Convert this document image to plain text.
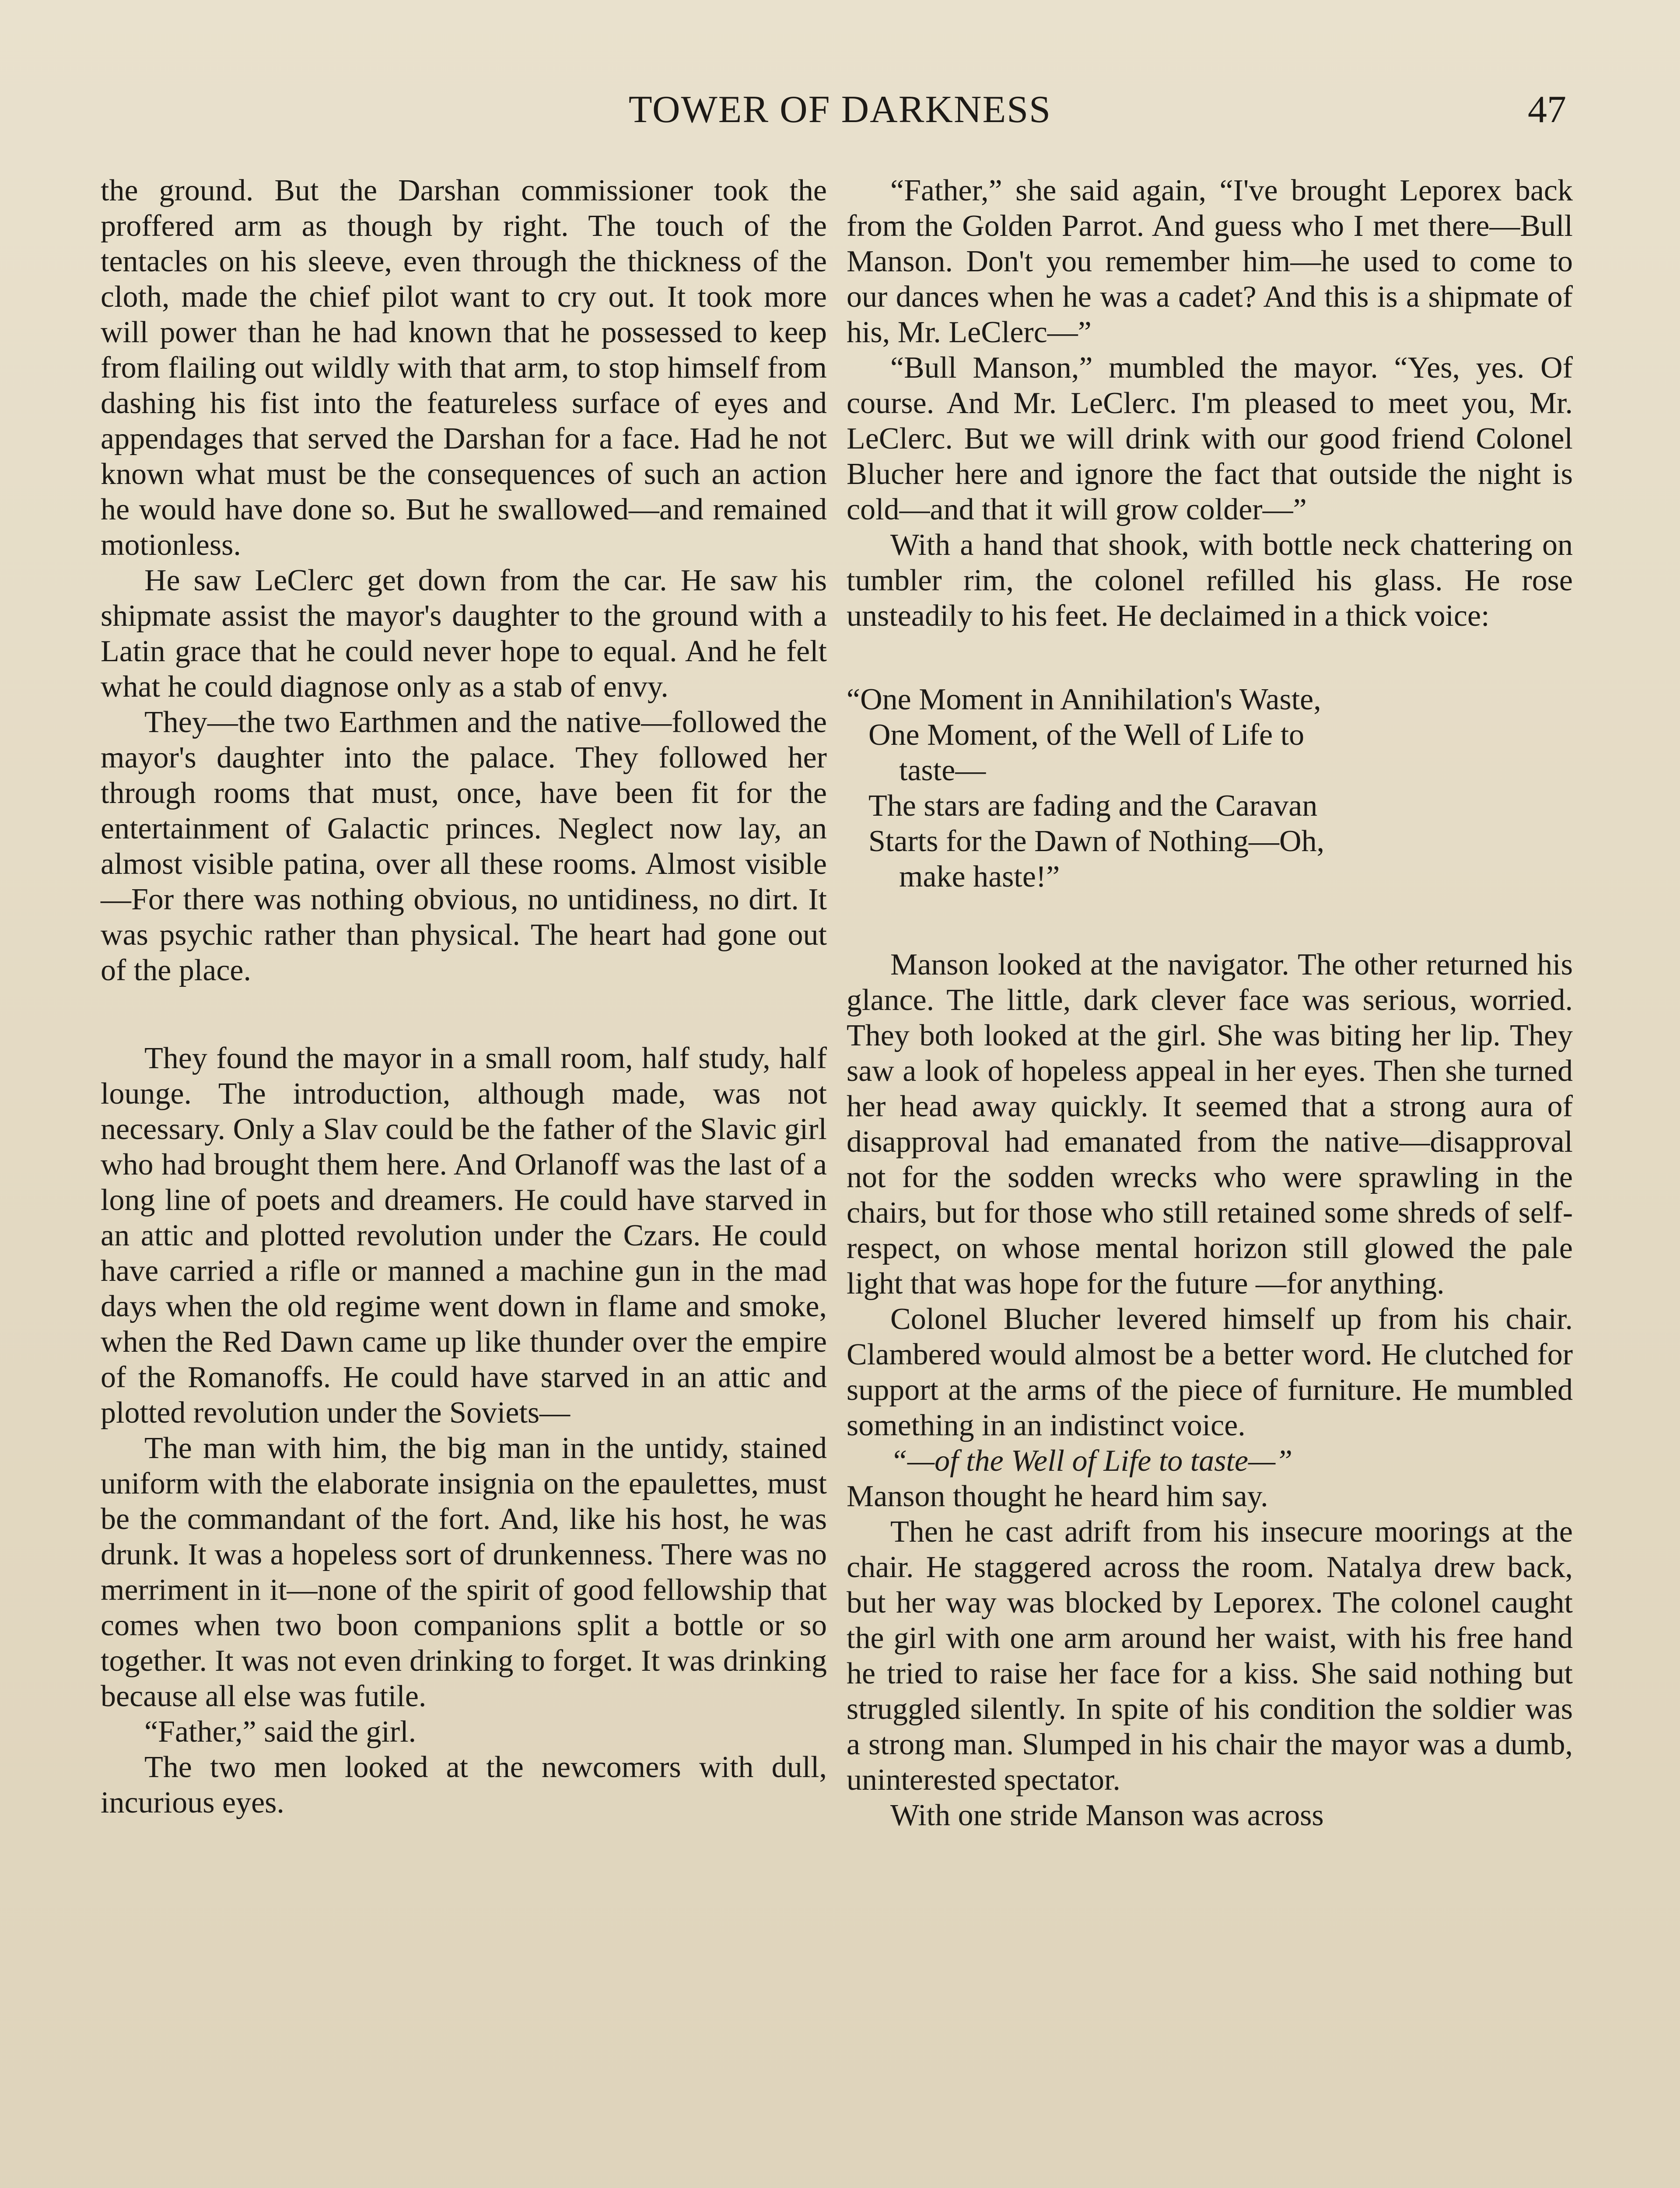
TOWER OF DARKNESS	47

the ground. But the Darshan commissioner took the proffered arm as though by right. The touch of the tentacles on his sleeve, even through the thickness of the cloth, made the chief pilot want to cry out. It took more will power than he had known that he possessed to keep from flailing out wildly with that arm, to stop himself from dashing his fist into the featureless surface of eyes and appendages that served the Darshan for a face. Had he not known what must be the consequences of such an action he would have done so. But he swallowed—and remained motionless.

He saw LeClerc get down from the car. He saw his shipmate assist the mayor's daughter to the ground with a Latin grace that he could never hope to equal. And he felt what he could diagnose only as a stab of envy.

They—the two Earthmen and the native—followed the mayor's daughter into the palace. They followed her through rooms that must, once, have been fit for the entertainment of Galactic princes. Neglect now lay, an almost visible patina, over all these rooms. Almost visible—For there was nothing obvious, no untidiness, no dirt. It was psychic rather than physical. The heart had gone out of the place.

They found the mayor in a small room, half study, half lounge. The introduction, although made, was not necessary. Only a Slav could be the father of the Slavic girl who had brought them here. And Orlanoff was the last of a long line of poets and dreamers. He could have starved in an attic and plotted revolution under the Czars. He could have carried a rifle or manned a machine gun in the mad days when the old regime went down in flame and smoke, when the Red Dawn came up like thunder over the empire of the Romanoffs. He could have starved in an attic and plotted revolution under the Soviets—

The man with him, the big man in the untidy, stained uniform with the elaborate insignia on the epaulettes, must be the commandant of the fort. And, like his host, he was drunk. It was a hopeless sort of drunkenness. There was no merriment in it—none of the spirit of good fellowship that comes when two boon companions split a bottle or so together. It was not even drinking to forget. It was drinking because all else was futile.

“Father,” said the girl.

The two men looked at the newcomers with dull, incurious eyes.

“Father,” she said again, “I've brought Leporex back from the Golden Parrot. And guess who I met there—Bull Manson. Don't you remember him—he used to come to our dances when he was a cadet? And this is a shipmate of his, Mr. LeClerc—”

“Bull Manson,” mumbled the mayor. “Yes, yes. Of course. And Mr. LeClerc. I'm pleased to meet you, Mr. LeClerc. But we will drink with our good friend Colonel Blucher here and ignore the fact that outside the night is cold—and that it will grow colder—”

With a hand that shook, with bottle neck chattering on tumbler rim, the colonel refilled his glass. He rose unsteadily to his feet. He declaimed in a thick voice:

“One Moment in Annihilation's Waste,
One Moment, of the Well of Life to
taste—
The stars are fading and the Caravan
Starts for the Dawn of Nothing—Oh,
make haste!”

Manson looked at the navigator. The other returned his glance. The little, dark clever face was serious, worried. They both looked at the girl. She was biting her lip. They saw a look of hopeless appeal in her eyes. Then she turned her head away quickly. It seemed that a strong aura of disapproval had emanated from the native—disapproval not for the sodden wrecks who were sprawling in the chairs, but for those who still retained some shreds of self-respect, on whose mental horizon still glowed the pale light that was hope for the future —for anything.

Colonel Blucher levered himself up from his chair. Clambered would almost be a better word. He clutched for support at the arms of the piece of furniture. He mumbled something in an indistinct voice.

“—of the Well of Life to taste—”

Manson thought he heard him say.

Then he cast adrift from his insecure moorings at the chair. He staggered across the room. Natalya drew back, but her way was blocked by Leporex. The colonel caught the girl with one arm around her waist, with his free hand he tried to raise her face for a kiss. She said nothing but struggled silently. In spite of his condition the soldier was a strong man. Slumped in his chair the mayor was a dumb, uninterested spectator.

With one stride Manson was across
